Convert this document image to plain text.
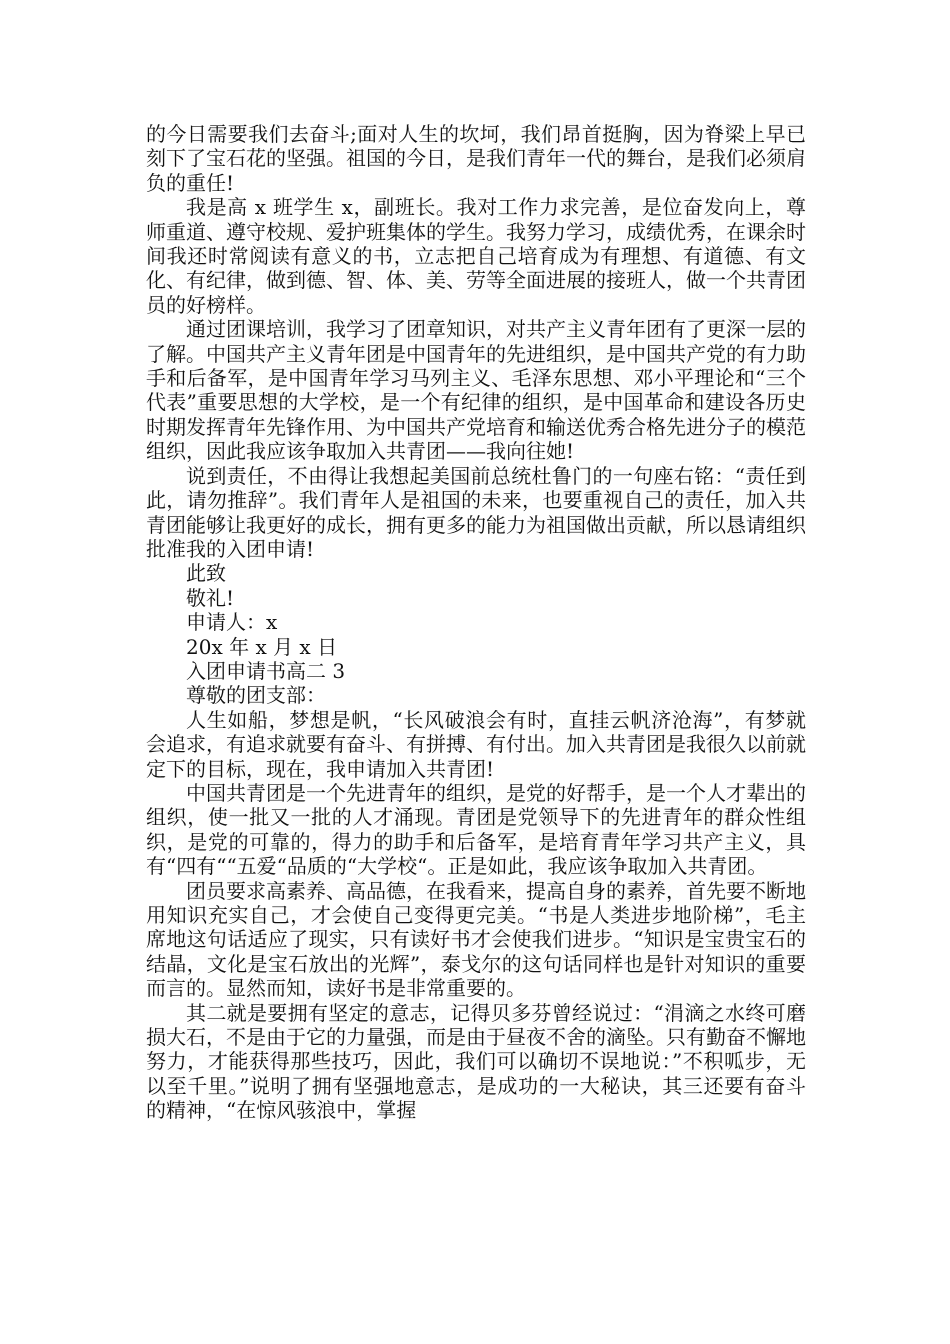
的今日需要我们去奋斗;面对人生的坎坷，我们昂首挺胸，因为脊梁上早已刻下了宝石花的坚强。祖国的今日，是我们青年一代的舞台，是我们必须肩负的重任!

我是高 x 班学生 x，副班长。我对工作力求完善，是位奋发向上，尊师重道、遵守校规、爱护班集体的学生。我努力学习，成绩优秀，在课余时间我还时常阅读有意义的书，立志把自己培育成为有理想、有道德、有文化、有纪律，做到德、智、体、美、劳等全面进展的接班人，做一个共青团员的好榜样。

通过团课培训，我学习了团章知识，对共产主义青年团有了更深一层的了解。中国共产主义青年团是中国青年的先进组织，是中国共产党的有力助手和后备军，是中国青年学习马列主义、毛泽东思想、邓小平理论和“三个代表”重要思想的大学校，是一个有纪律的组织，是中国革命和建设各历史时期发挥青年先锋作用、为中国共产党培育和输送优秀合格先进分子的模范组织，因此我应该争取加入共青团——我向往她!

说到责任，不由得让我想起美国前总统杜鲁门的一句座右铭：“责任到此，请勿推辞”。我们青年人是祖国的未来，也要重视自己的责任，加入共青团能够让我更好的成长，拥有更多的能力为祖国做出贡献，所以恳请组织批准我的入团申请!

此致

敬礼!

申请人：x

20x 年 x 月 x 日

入团申请书高二 3

尊敬的团支部：

人生如船，梦想是帆，“长风破浪会有时，直挂云帆济沧海”，有梦就会追求，有追求就要有奋斗、有拼搏、有付出。加入共青团是我很久以前就定下的目标，现在，我申请加入共青团!

中国共青团是一个先进青年的组织，是党的好帮手，是一个人才辈出的组织，使一批又一批的人才涌现。青团是党领导下的先进青年的群众性组织，是党的可靠的，得力的助手和后备军，是培育青年学习共产主义，具有“四有““五爱“品质的“大学校“。正是如此，我应该争取加入共青团。

团员要求高素养、高品德，在我看来，提高自身的素养，首先要不断地用知识充实自己，才会使自己变得更完美。“书是人类进步地阶梯”，毛主席地这句话适应了现实，只有读好书才会使我们进步。“知识是宝贵宝石的结晶，文化是宝石放出的光辉”，泰戈尔的这句话同样也是针对知识的重要而言的。显然而知，读好书是非常重要的。

其二就是要拥有坚定的意志，记得贝多芬曾经说过：“涓滴之水终可磨损大石，不是由于它的力量强，而是由于昼夜不舍的滴坠。只有勤奋不懈地努力，才能获得那些技巧，因此，我们可以确切不误地说：”不积呱步，无以至千里。”说明了拥有坚强地意志，是成功的一大秘诀，其三还要有奋斗的精神，“在惊风骇浪中，掌握
